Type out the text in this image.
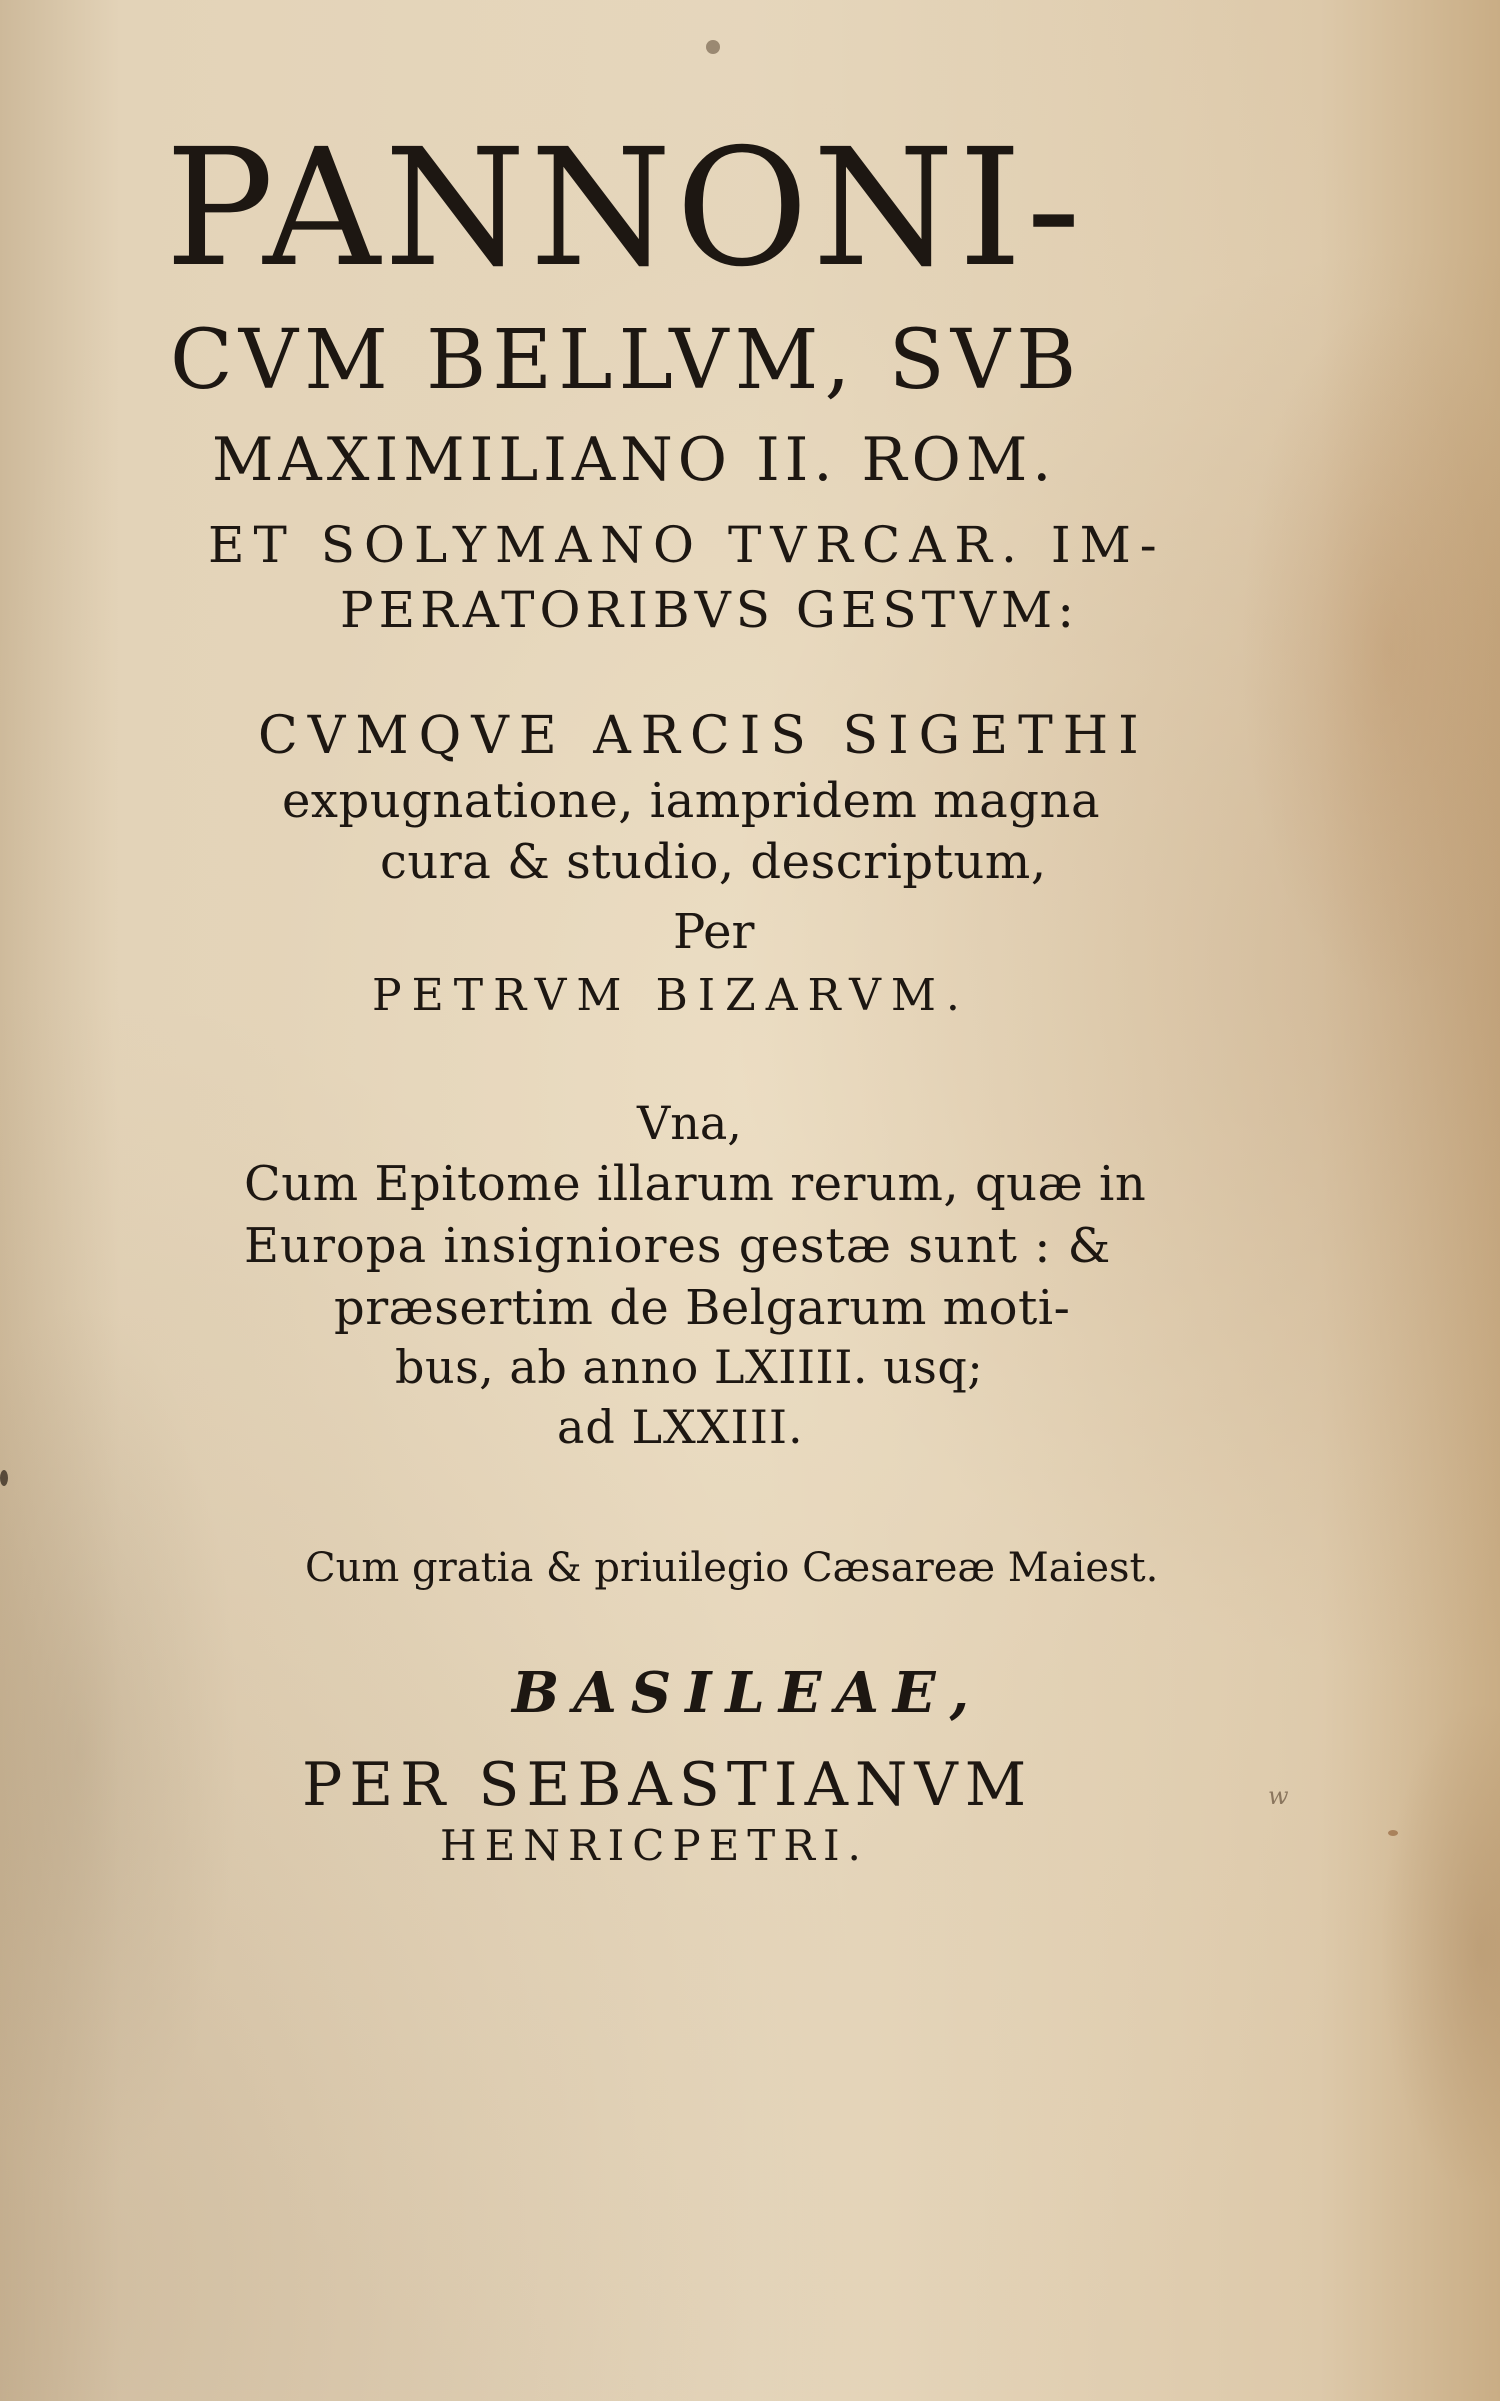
PANNONI-
CVM BELLVM, SVB
MAXIMILIANO II. ROM.
ET SOLYMANO TVRCAR. IM-
PERATORIBVS GESTVM:
CVMQVE ARCIS SIGETHI
expugnatione, iampridem magna
cura & studio, descriptum,
Per
PETRVM BIZARVM.
Vna,
Cum Epitome illarum rerum, quæ in
Europa insigniores gestæ sunt : &
præsertim de Belgarum moti-
bus, ab anno LXIIII. usq;
ad LXXIII.
Cum gratia & priuilegio Cæsareæ Maiest.
BASILEAE,
PER SEBASTIANVM
HENRICPETRI.
w
